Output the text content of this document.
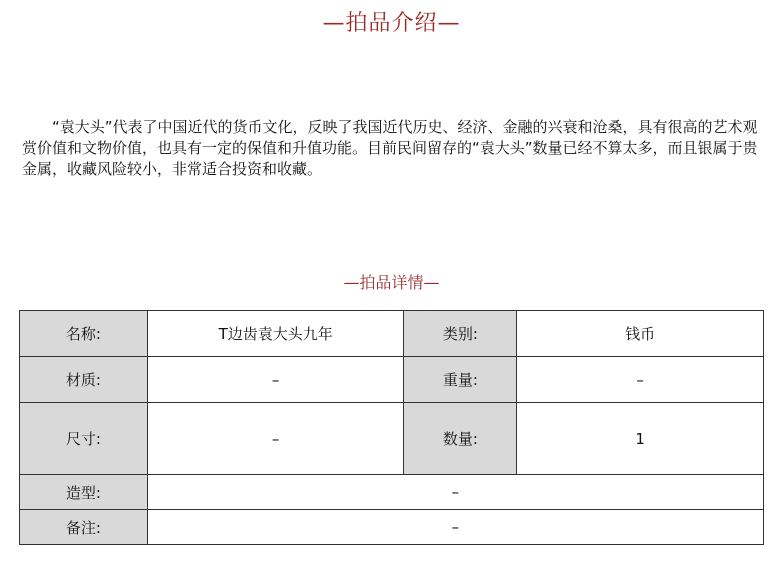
—拍品介绍—

“袁大头”代表了中国近代的货币文化，反映了我国近代历史、经济、金融的兴衰和沧桑，具有很高的艺术观赏价值和文物价值，也具有一定的保值和升值功能。目前民间留存的“袁大头”数量已经不算太多，而且银属于贵金属，收藏风险较小，非常适合投资和收藏。

—拍品详情—
名称:	T边齿袁大头九年	类别:	钱币
材质:	–	重量:	–
尺寸:	–	数量:	1
造型:	–		
备注:	–		
